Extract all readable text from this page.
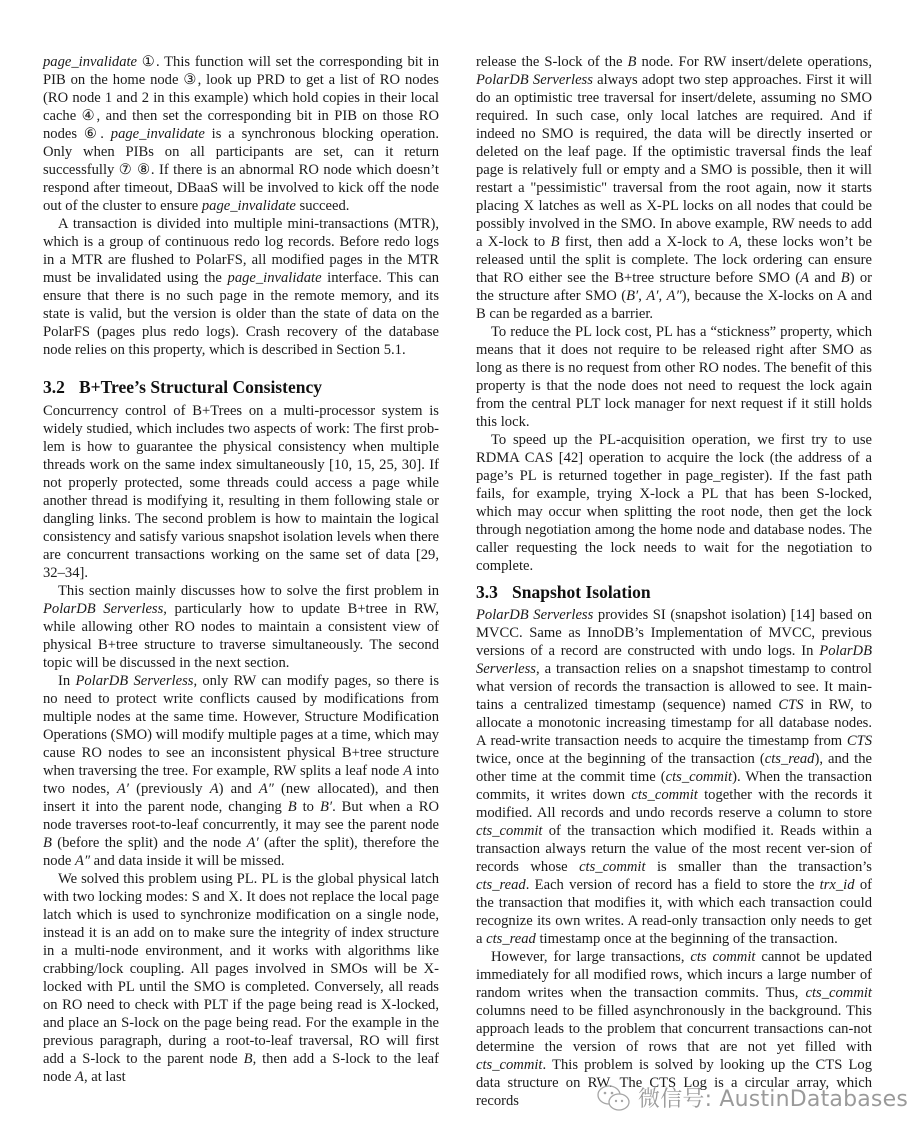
page_invalidate ①. This function will set the corresponding bit in PIB on the home node ③, look up PRD to get a list of RO nodes (RO node 1 and 2 in this example) which hold copies in their local cache ④, and then set the corresponding bit in PIB on those RO nodes ⑥. page_invalidate is a synchronous blocking operation. Only when PIBs on all participants are set, can it return successfully ⑦ ⑧. If there is an abnormal RO node which doesn’t respond after timeout, DBaaS will be involved to kick off the node out of the cluster to ensure page_invalidate succeed.

A transaction is divided into multiple mini-transactions (MTR), which is a group of continuous redo log records. Before redo logs in a MTR are flushed to PolarFS, all modified pages in the MTR must be invalidated using the page_invalidate interface. This can ensure that there is no such page in the remote memory, and its state is valid, but the version is older than the state of data on the PolarFS (pages plus redo logs). Crash recovery of the database node relies on this property, which is described in Section 5.1.

3.2 B+Tree’s Structural Consistency

Concurrency control of B+Trees on a multi-processor system is widely studied, which includes two aspects of work: The first prob-lem is how to guarantee the physical consistency when multiple threads work on the same index simultaneously [10, 15, 25, 30]. If not properly protected, some threads could access a page while another thread is modifying it, resulting in them following stale or dangling links. The second problem is how to maintain the logical consistency and satisfy various snapshot isolation levels when there are concurrent transactions working on the same set of data [29, 32–34].

This section mainly discusses how to solve the first problem in PolarDB Serverless, particularly how to update B+tree in RW, while allowing other RO nodes to maintain a consistent view of physical B+tree structure to traverse simultaneously. The second topic will be discussed in the next section.

In PolarDB Serverless, only RW can modify pages, so there is no need to protect write conflicts caused by modifications from multiple nodes at the same time. However, Structure Modification Operations (SMO) will modify multiple pages at a time, which may cause RO nodes to see an inconsistent physical B+tree structure when traversing the tree. For example, RW splits a leaf node A into two nodes, A′ (previously A) and A″ (new allocated), and then insert it into the parent node, changing B to B′. But when a RO node traverses root-to-leaf concurrently, it may see the parent node B (before the split) and the node A′ (after the split), therefore the node A″ and data inside it will be missed.

We solved this problem using PL. PL is the global physical latch with two locking modes: S and X. It does not replace the local page latch which is used to synchronize modification on a single node, instead it is an add on to make sure the integrity of index structure in a multi-node environment, and it works with algorithms like crabbing/lock coupling. All pages involved in SMOs will be X-locked with PL until the SMO is completed. Conversely, all reads on RO need to check with PLT if the page being read is X-locked, and place an S-lock on the page being read. For the example in the previous paragraph, during a root-to-leaf traversal, RO will first add a S-lock to the parent node B, then add a S-lock to the leaf node A, at last

release the S-lock of the B node. For RW insert/delete operations, PolarDB Serverless always adopt two step approaches. First it will do an optimistic tree traversal for insert/delete, assuming no SMO required. In such case, only local latches are required. And if indeed no SMO is required, the data will be directly inserted or deleted on the leaf page. If the optimistic traversal finds the leaf page is relatively full or empty and a SMO is possible, then it will restart a "pessimistic" traversal from the root again, now it starts placing X latches as well as X-PL locks on all nodes that could be possibly involved in the SMO. In above example, RW needs to add a X-lock to B first, then add a X-lock to A, these locks won’t be released until the split is complete. The lock ordering can ensure that RO either see the B+tree structure before SMO (A and B) or the structure after SMO (B′, A′, A″), because the X-locks on A and B can be regarded as a barrier.

To reduce the PL lock cost, PL has a “stickness” property, which means that it does not require to be released right after SMO as long as there is no request from other RO nodes. The benefit of this property is that the node does not need to request the lock again from the central PLT lock manager for next request if it still holds this lock.

To speed up the PL-acquisition operation, we first try to use RDMA CAS [42] operation to acquire the lock (the address of a page’s PL is returned together in page_register). If the fast path fails, for example, trying X-lock a PL that has been S-locked, which may occur when splitting the root node, then get the lock through negotiation among the home node and database nodes. The caller requesting the lock needs to wait for the negotiation to complete.

3.3 Snapshot Isolation

PolarDB Serverless provides SI (snapshot isolation) [14] based on MVCC. Same as InnoDB’s Implementation of MVCC, previous versions of a record are constructed with undo logs. In PolarDB Serverless, a transaction relies on a snapshot timestamp to control what version of records the transaction is allowed to see. It main-tains a centralized timestamp (sequence) named CTS in RW, to allocate a monotonic increasing timestamp for all database nodes. A read-write transaction needs to acquire the timestamp from CTS twice, once at the beginning of the transaction (cts_read), and the other time at the commit time (cts_commit). When the transaction commits, it writes down cts_commit together with the records it modified. All records and undo records reserve a column to store cts_commit of the transaction which modified it. Reads within a transaction always return the value of the most recent ver-sion of records whose cts_commit is smaller than the transaction’s cts_read. Each version of record has a field to store the trx_id of the transaction that modifies it, with which each transaction could recognize its own writes. A read-only transaction only needs to get a cts_read timestamp once at the beginning of the transaction.

However, for large transactions, cts commit cannot be updated immediately for all modified rows, which incurs a large number of random writes when the transaction commits. Thus, cts_commit columns need to be filled asynchronously in the background. This approach leads to the problem that concurrent transactions can-not determine the version of rows that are not yet filled with cts_commit. This problem is solved by looking up the CTS Log data structure on RW. The CTS Log is a circular array, which records	微信号: AustinDatabases
